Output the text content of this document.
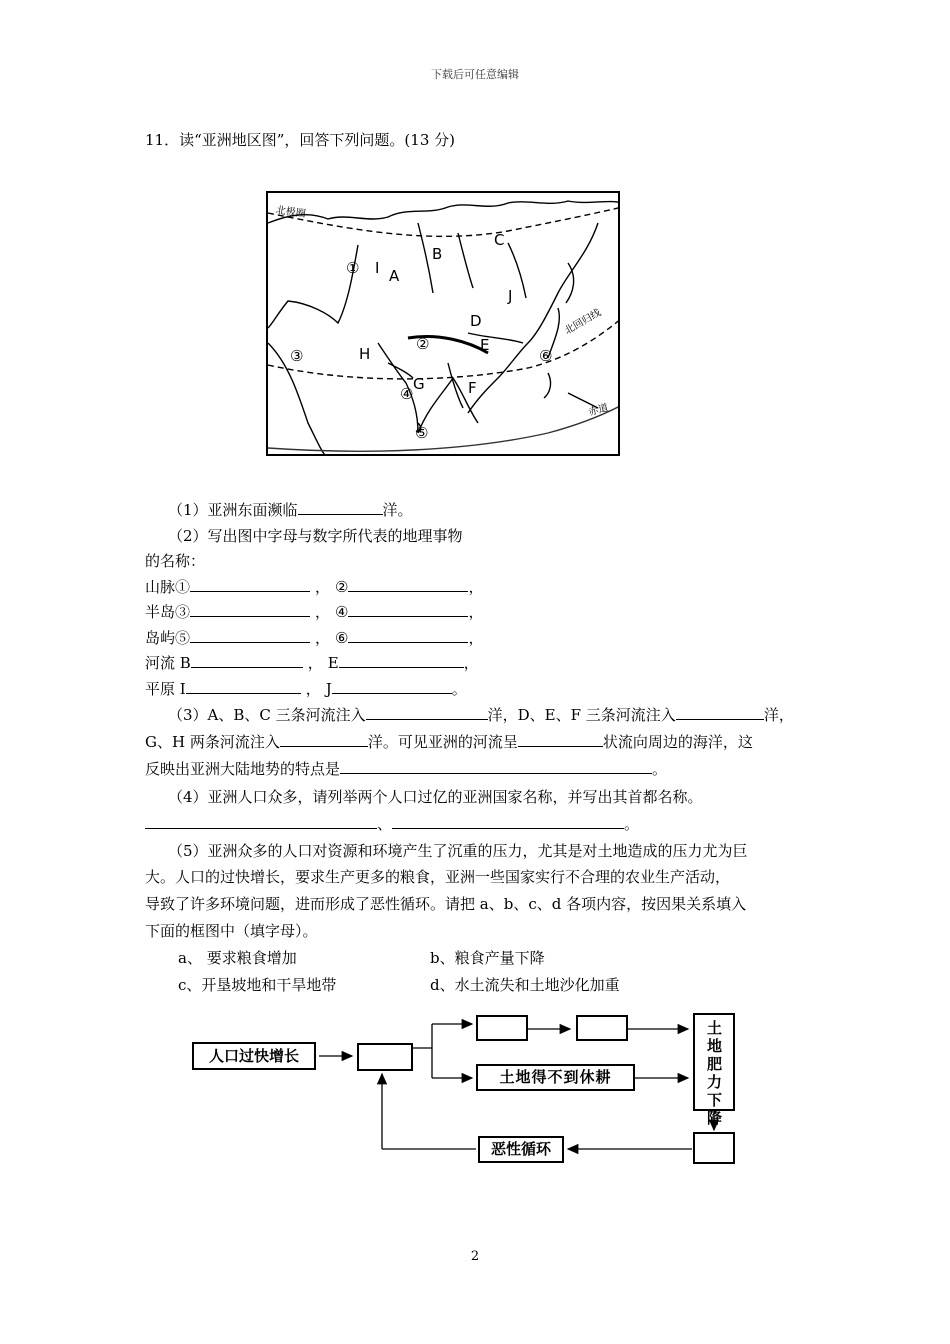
下载后可任意编辑
11．读“亚洲地区图”，回答下列问题。(13 分)
北极圈
北回归线
赤道
① I A
B
C
J
D
②	E
H
③	⑥
G
④	F
⑤
（1）亚洲东面濒临	洋。
（2）写出图中字母与数字所代表的地理事物
的名称：
山脉①	， ②	，
半岛③	， ④	，
岛屿⑤	， ⑥	，
河流 B	， E	，
平原 I	， J	。
（3）A、B、C 三条河流注入	洋，D、E、F 三条河流注入	洋，
G、H 两条河流注入	洋。可见亚洲的河流呈	状流向周边的海洋，这
反映出亚洲大陆地势的特点是	。
（4）亚洲人口众多，请列举两个人口过亿的亚洲国家名称，并写出其首都名称。
、	。
（5）亚洲众多的人口对资源和环境产生了沉重的压力，尤其是对土地造成的压力尤为巨
大。人口的过快增长，要求生产更多的粮食，亚洲一些国家实行不合理的农业生产活动，
导致了许多环境问题，进而形成了恶性循环。请把 a、b、c、d 各项内容，按因果关系填入
下面的框图中（填字母）。
a、 要求粮食增加	b、粮食产量下降
c、开垦坡地和干旱地带	d、水土流失和土地沙化加重
人口过快增长
土地得不到休耕
土地肥力下降
恶性循环
2
